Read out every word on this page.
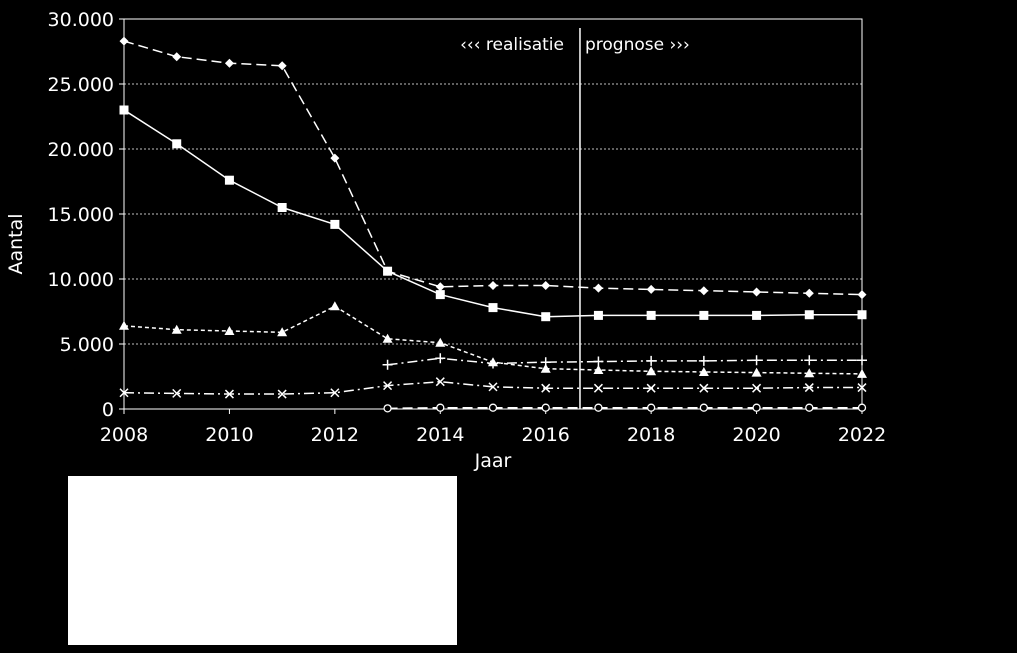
‹‹‹ realisatie prognose ›››
0
5.000
10.000
15.000
20.000
25.000
30.000
2008	2010	2012	2014	2016	2018	2020	2022
Jaar
Aantal
